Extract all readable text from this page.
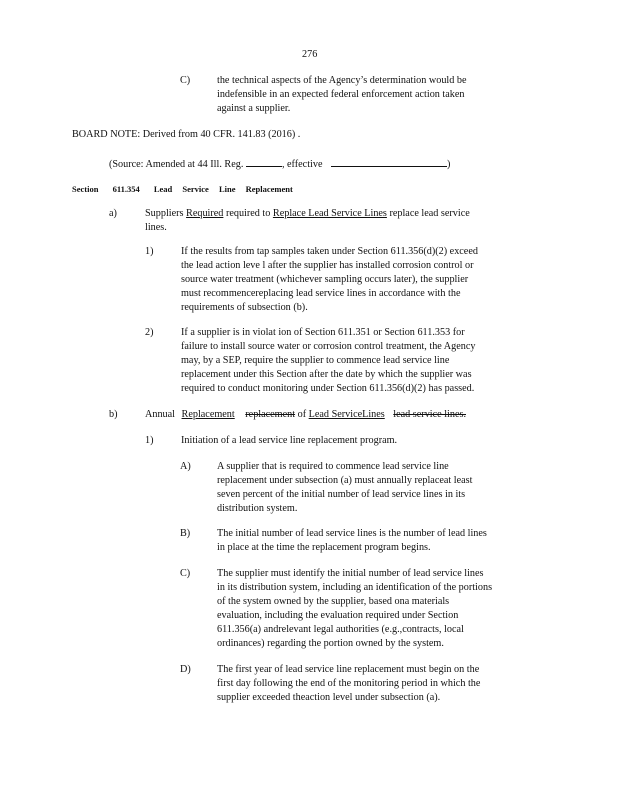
276
C)	the technical aspects of the Agency’s determination would be

indefensible in an expected federal enforcement action taken

against a supplier.

BOARD NOTE: Derived from 40 CFR. 141.83 (2016) .
(Source: Amended at 44 Ill. Reg.	, effective	)
Section 611.354 Lead Service Line Replacement
a)	Suppliers Required required to Replace Lead Service Lines replace lead service

lines.

1)	If the results from tap samples taken under Section 611.356(d)(2) exceed

the lead action leve l after the supplier has installed corrosion control or

source water treatment (whichever sampling occurs later), the supplier

must recommencereplacing lead service lines in accordance with the

requirements of subsection (b).

2)	If a supplier is in violat ion of Section 611.351 or Section 611.353 for

failure to install source water or corrosion control treatment, the Agency

may, by a SEP, require the supplier to commence lead service line

replacement under this Section after the date by which the supplier was

required to conduct monitoring under Section 611.356(d)(2) has passed.

b)	Annual Replacement replacement of Lead ServiceLines lead service lines.
1)	Initiation of a lead service line replacement program.
A)	A supplier that is required to commence lead service line

replacement under subsection (a) must annually replaceat least

seven percent of the initial number of lead service lines in its

distribution system.

B)	The initial number of lead service lines is the number of lead lines

in place at the time the replacement program begins.

C)	The supplier must identify the initial number of lead service lines

in its distribution system, including an identification of the portions

of the system owned by the supplier, based ona materials

evaluation, including the evaluation required under Section

611.356(a) andrelevant legal authorities (e.g.,contracts, local

ordinances) regarding the portion owned by the system.

D)	The first year of lead service line replacement must begin on the

first day following the end of the monitoring period in which the

supplier exceeded theaction level under subsection (a).
